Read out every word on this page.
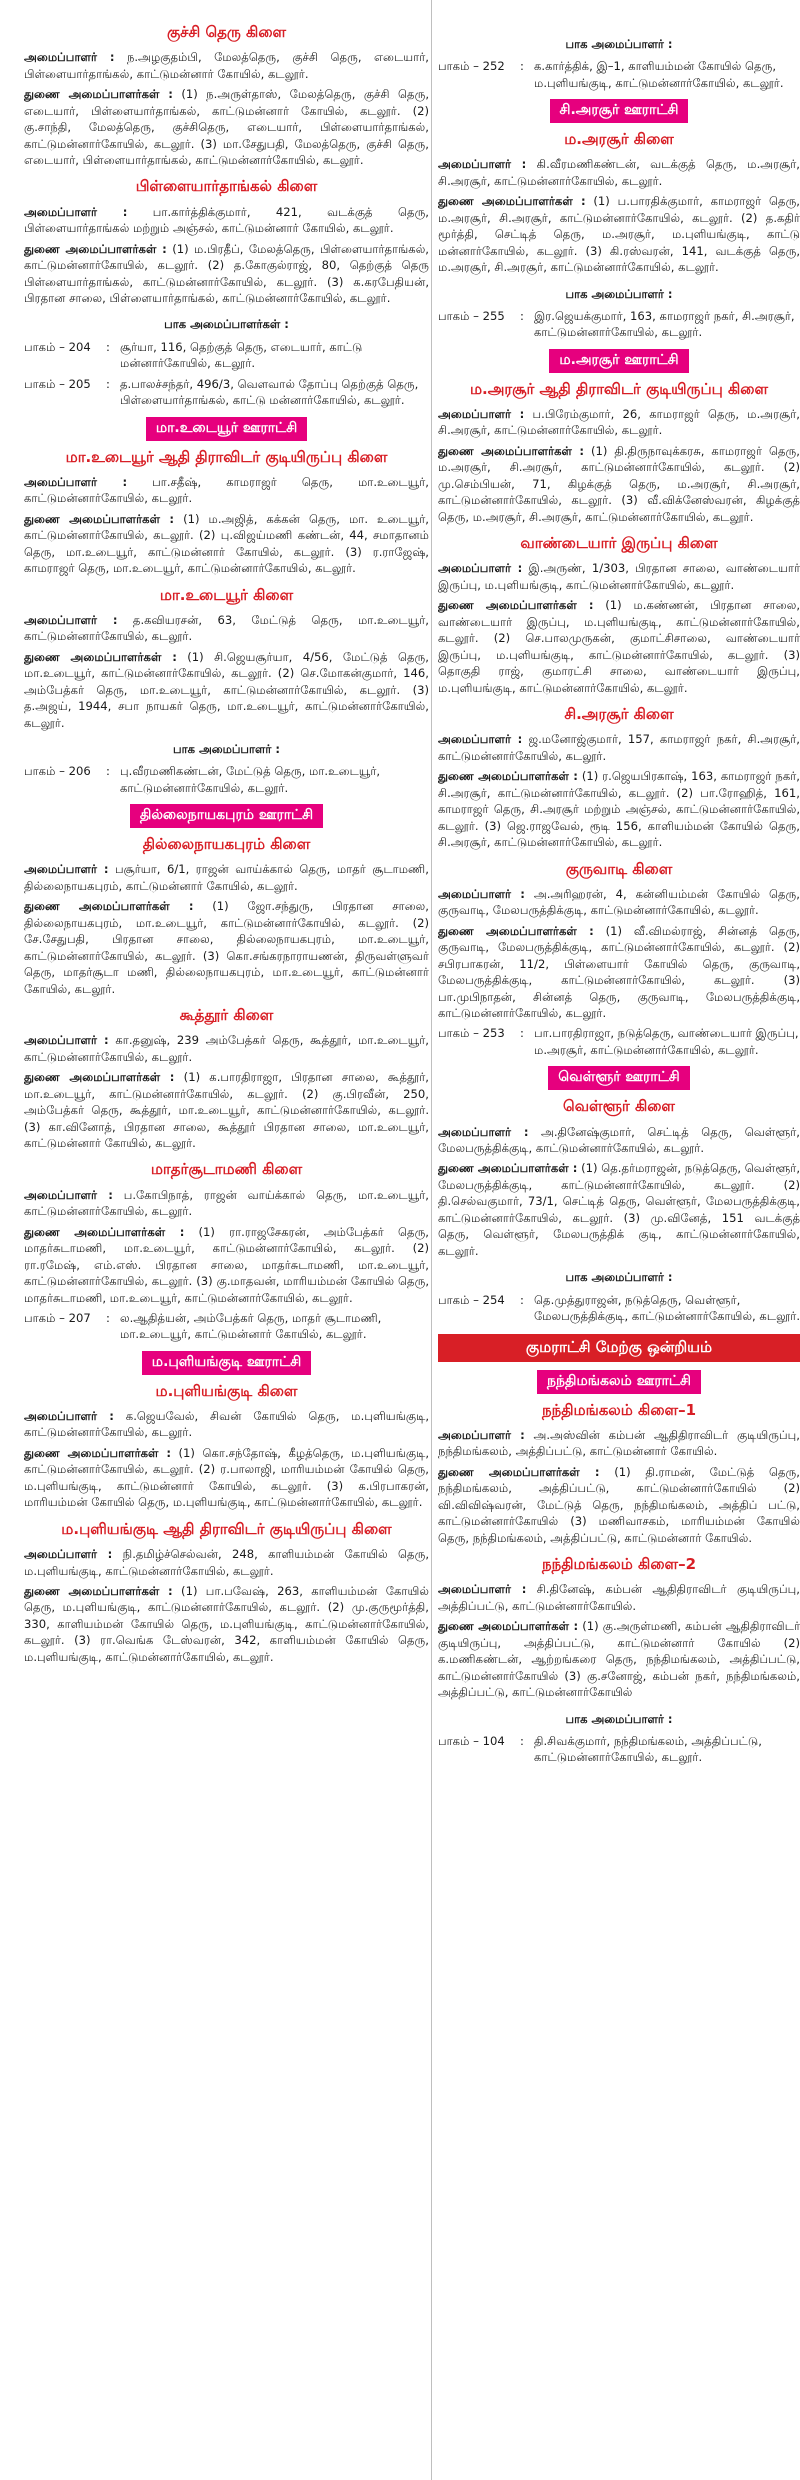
குச்சி தெரு கிளை
அமைப்பாளர் : ந.அழகுதம்பி, மேலத்தெரு, குச்சி தெரு, எடையார், பிள்ளையார்தாங்கல், காட்டுமன்னார் கோயில், கடலூர்.
துணை அமைப்பாளர்கள் : (1) ந.அருள்தாஸ், மேலத்தெரு, குச்சி தெரு, எடையார், பிள்ளையார்தாங்கல், காட்டுமன்னார் கோயில், கடலூர். (2) கு.சாந்தி, மேலத்தெரு, குச்சிதெரு, எடையார், பிள்ளையார்தாங்கல், காட்டுமன்னார்கோயில், கடலூர். (3) மா.சேதுபதி, மேலத்தெரு, குச்சி தெரு, எடையார், பிள்ளையார்தாங்கல், காட்டுமன்னார்கோயில், கடலூர்.
பிள்ளையார்தாங்கல் கிளை
அமைப்பாளர் : பா.கார்த்திக்குமார், 421, வடக்குத் தெரு, பிள்ளையார்தாங்கல் மற்றும் அஞ்சல், காட்டுமன்னார் கோயில், கடலூர்.
துணை அமைப்பாளர்கள் : (1) ம.பிரதீப், மேலத்தெரு, பிள்ளையார்தாங்கல், காட்டுமன்னார்கோயில், கடலூர். (2) த.கோகுல்ராஜ், 80, தெற்குத் தெரு பிள்ளையார்தாங்கல், காட்டுமன்னார்கோயில், கடலூர். (3) க.கரபேதியன், பிரதான சாலை, பிள்ளையார்தாங்கல், காட்டுமன்னார்கோயில், கடலூர்.
பாக அமைப்பாளர்கள் :
பாகம் – 204	: சூர்யா, 116, தெற்குத் தெரு, எடையார், காட்டு மன்னார்கோயில், கடலூர்.
பாகம் – 205	: த.பாலச்சந்தர், 496/3, வெளவால் தோப்பு தெற்குத் தெரு, பிள்ளையார்தாங்கல், காட்டு மன்னார்கோயில், கடலூர்.
மா.உடையூர் ஊராட்சி
மா.உடையூர் ஆதி திராவிடர் குடியிருப்பு கிளை
அமைப்பாளர் : பா.சதீஷ், காமராஜர் தெரு, மா.உடையூர், காட்டுமன்னார்கோயில், கடலூர்.
துணை அமைப்பாளர்கள் : (1) ம.அஜித், கக்கன் தெரு, மா. உடையூர், காட்டுமன்னார்கோயில், கடலூர். (2) பு.விஜய்மணி கண்டன், 44, சமாதானம் தெரு, மா.உடையூர், காட்டுமன்னார் கோயில், கடலூர். (3) ர.ராஜேஷ், காமராஜர் தெரு, மா.உடையூர், காட்டுமன்னார்கோயில், கடலூர்.
மா.உடையூர் கிளை
அமைப்பாளர் : த.கவியரசன், 63, மேட்டுத் தெரு, மா.உடையூர், காட்டுமன்னார்கோயில், கடலூர்.
துணை அமைப்பாளர்கள் : (1) சி.ஜெயசூர்யா, 4/56, மேட்டுத் தெரு, மா.உடையூர், காட்டுமன்னார்கோயில், கடலூர். (2) செ.மோகன்குமார், 146, அம்பேத்கர் தெரு, மா.உடையூர், காட்டுமன்னார்கோயில், கடலூர். (3) த.அஜய், 1944, சபா நாயகர் தெரு, மா.உடையூர், காட்டுமன்னார்கோயில், கடலூர்.
பாக அமைப்பாளர் :
பாகம் – 206	: பு.வீரமணிகண்டன், மேட்டுத் தெரு, மா.உடையூர், காட்டுமன்னார்கோயில், கடலூர்.
தில்லைநாயகபுரம் ஊராட்சி
தில்லைநாயகபுரம் கிளை
அமைப்பாளர் : பசூர்யா, 6/1, ராஜன் வாய்க்கால் தெரு, மாதர் சூடாமணி, தில்லைநாயகபுரம், காட்டுமன்னார் கோயில், கடலூர்.
துணை அமைப்பாளர்கள் : (1) ஜோ.சந்துரு, பிரதான சாலை, தில்லைநாயகபுரம், மா.உடையூர், காட்டுமன்னார்கோயில், கடலூர். (2) சே.சேதுபதி, பிரதான சாலை, தில்லைநாயகபுரம், மா.உடையூர், காட்டுமன்னார்கோயில், கடலூர். (3) கொ.சங்கரநாராயணன், திருவள்ளுவர் தெரு, மாதர்சூடா மணி, தில்லைநாயகபுரம், மா.உடையூர், காட்டுமன்னார் கோயில், கடலூர்.
கூத்தூர் கிளை
அமைப்பாளர் : கா.தனுஷ், 239 அம்பேத்கர் தெரு, கூத்தூர், மா.உடையூர், காட்டுமன்னார்கோயில், கடலூர்.
துணை அமைப்பாளர்கள் : (1) க.பாரதிராஜா, பிரதான சாலை, கூத்தூர், மா.உடையூர், காட்டுமன்னார்கோயில், கடலூர். (2) கு.பிரவீன், 250, அம்பேத்கர் தெரு, கூத்தூர், மா.உடையூர், காட்டுமன்னார்கோயில், கடலூர். (3) கா.வினோத், பிரதான சாலை, கூத்தூர் பிரதான சாலை, மா.உடையூர், காட்டுமன்னார் கோயில், கடலூர்.
மாதர்சூடாமணி கிளை
அமைப்பாளர் : ப.கோபிநாத், ராஜன் வாய்க்கால் தெரு, மா.உடையூர், காட்டுமன்னார்கோயில், கடலூர்.
துணை அமைப்பாளர்கள் : (1) ரா.ராஜசேகரன், அம்பேத்கர் தெரு, மாதர்சுடாமணி, மா.உடையூர், காட்டுமன்னார்கோயில், கடலூர். (2) ரா.ரமேஷ், எம்.எஸ். பிரதான சாலை, மாதர்சுடாமணி, மா.உடையூர், காட்டுமன்னார்கோயில், கடலூர். (3) கு.மாதவன், மாரியம்மன் கோயில் தெரு, மாதர்சுடாமணி, மா.உடையூர், காட்டுமன்னார்கோயில், கடலூர்.
பாகம் – 207	: ல.ஆதித்யன், அம்பேத்கர் தெரு, மாதர் சூடாமணி, மா.உடையூர், காட்டுமன்னார் கோயில், கடலூர்.
ம.புளியங்குடி ஊராட்சி
ம.புளியங்குடி கிளை
அமைப்பாளர் : க.ஜெயவேல், சிவன் கோயில் தெரு, ம.புளியங்குடி, காட்டுமன்னார்கோயில், கடலூர்.
துணை அமைப்பாளர்கள் : (1) கொ.சந்தோஷ், கீழத்தெரு, ம.புளியங்குடி, காட்டுமன்னார்கோயில், கடலூர். (2) ர.பாலாஜி, மாரியம்மன் கோயில் தெரு, ம.புளியங்குடி, காட்டுமன்னார் கோயில், கடலூர். (3) க.பிரபாகரன், மாரியம்மன் கோயில் தெரு, ம.புளியங்குடி, காட்டுமன்னார்கோயில், கடலூர்.
ம.புளியங்குடி ஆதி திராவிடர் குடியிருப்பு கிளை
அமைப்பாளர் : நி.தமிழ்ச்செல்வன், 248, காளியம்மன் கோயில் தெரு, ம.புளியங்குடி, காட்டுமன்னார்கோயில், கடலூர்.
துணை அமைப்பாளர்கள் : (1) பா.பவேஷ், 263, காளியம்மன் கோயில் தெரு, ம.புளியங்குடி, காட்டுமன்னார்கோயில், கடலூர். (2) மு.குருமூர்த்தி, 330, காளியம்மன் கோயில் தெரு, ம.புளியங்குடி, காட்டுமன்னார்கோயில், கடலூர். (3) ரா.வெங்க டேஸ்வரன், 342, காளியம்மன் கோயில் தெரு, ம.புளியங்குடி, காட்டுமன்னார்கோயில், கடலூர்.
பாக அமைப்பாளர் :
பாகம் – 252	: க.கார்த்திக், இ–1, காளியம்மன் கோயில் தெரு, ம.புளியங்குடி, காட்டுமன்னார்கோயில், கடலூர்.
சி.அரசூர் ஊராட்சி
ம.அரசூர் கிளை
அமைப்பாளர் : கி.வீரமணிகண்டன், வடக்குத் தெரு, ம.அரசூர், சி.அரசூர், காட்டுமன்னார்கோயில், கடலூர்.
துணை அமைப்பாளர்கள் : (1) ப.பாரதிக்குமார், காமராஜர் தெரு, ம.அரசூர், சி.அரசூர், காட்டுமன்னார்கோயில், கடலூர். (2) த.கதிர் மூர்த்தி, செட்டித் தெரு, ம.அரசூர், ம.புளியங்குடி, காட்டு மன்னார்கோயில், கடலூர். (3) கி.ரஸ்வரன், 141, வடக்குத் தெரு, ம.அரசூர், சி.அரசூர், காட்டுமன்னார்கோயில், கடலூர்.
பாக அமைப்பாளர் :
பாகம் – 255	: இர.ஜெயக்குமார், 163, காமராஜர் நகர், சி.அரசூர், காட்டுமன்னார்கோயில், கடலூர்.
ம.அரசூர் ஊராட்சி
ம.அரசூர் ஆதி திராவிடர் குடியிருப்பு கிளை
அமைப்பாளர் : ப.பிரேம்குமார், 26, காமராஜர் தெரு, ம.அரசூர், சி.அரசூர், காட்டுமன்னார்கோயில், கடலூர்.
துணை அமைப்பாளர்கள் : (1) தி.திருநாவுக்கரசு, காமராஜர் தெரு, ம.அரசூர், சி.அரசூர், காட்டுமன்னார்கோயில், கடலூர். (2) மு.செம்பியன், 71, கிழக்குத் தெரு, ம.அரசூர், சி.அரசூர், காட்டுமன்னார்கோயில், கடலூர். (3) வீ.விக்னேஸ்வரன், கிழக்குத் தெரு, ம.அரசூர், சி.அரசூர், காட்டுமன்னார்கோயில், கடலூர்.
வாண்டையார் இருப்பு கிளை
அமைப்பாளர் : இ.அருண், 1/303, பிரதான சாலை, வாண்டையார் இருப்பு, ம.புளியங்குடி, காட்டுமன்னார்கோயில், கடலூர்.
துணை அமைப்பாளர்கள் : (1) ம.கண்ணன், பிரதான சாலை, வாண்டையார் இருப்பு, ம.புளியங்குடி, காட்டுமன்னார்கோயில், கடலூர். (2) செ.பாலமுருகன், குமாட்சிசாலை, வாண்டையார் இருப்பு, ம.புளியங்குடி, காட்டுமன்னார்கோயில், கடலூர். (3) தொகுதி ராஜ், குமாரட்சி சாலை, வாண்டையார் இருப்பு, ம.புளியங்குடி, காட்டுமன்னார்கோயில், கடலூர்.
சி.அரசூர் கிளை
அமைப்பாளர் : ஜ.மனோஜ்குமார், 157, காமராஜர் நகர், சி.அரசூர், காட்டுமன்னார்கோயில், கடலூர்.
துணை அமைப்பாளர்கள் : (1) ர.ஜெயபிரகாஷ், 163, காமராஜர் நகர், சி.அரசூர், காட்டுமன்னார்கோயில், கடலூர். (2) பா.ரோஹித், 161, காமராஜர் தெரு, சி.அரசூர் மற்றும் அஞ்சல், காட்டுமன்னார்கோயில், கடலூர். (3) ஜெ.ராஜவேல், ரூடி 156, காளியம்மன் கோயில் தெரு, சி.அரசூர், காட்டுமன்னார்கோயில், கடலூர்.
குருவாடி கிளை
அமைப்பாளர் : அ.அரிஹரன், 4, கன்னியம்மன் கோயில் தெரு, குருவாடி, மேலபருத்திக்குடி, காட்டுமன்னார்கோயில், கடலூர்.
துணை அமைப்பாளர்கள் : (1) வீ.விமல்ராஜ், சின்னத் தெரு, குருவாடி, மேலபருத்திக்குடி, காட்டுமன்னார்கோயில், கடலூர். (2) சபிரபாகரன், 11/2, பிள்ளையார் கோயில் தெரு, குருவாடி, மேலபருத்திக்குடி, காட்டுமன்னார்கோயில், கடலூர். (3) பா.முபிநாதன், சின்னத் தெரு, குருவாடி, மேலபருத்திக்குடி, காட்டுமன்னார்கோயில், கடலூர்.
பாகம் – 253	: பா.பாரதிராஜா, நடுத்தெரு, வாண்டையார் இருப்பு, ம.அரசூர், காட்டுமன்னார்கோயில், கடலூர்.
வெள்ளூர் ஊராட்சி
வெள்ளூர் கிளை
அமைப்பாளர் : அ.தினேஷ்குமார், செட்டித் தெரு, வெள்ளூர், மேலபருத்திக்குடி, காட்டுமன்னார்கோயில், கடலூர்.
துணை அமைப்பாளர்கள் : (1) தெ.தர்மராஜன், நடுத்தெரு, வெள்ளூர், மேலபருத்திக்குடி, காட்டுமன்னார்கோயில், கடலூர். (2) தி.செல்வகுமார், 73/1, செட்டித் தெரு, வெள்ளூர், மேலபருத்திக்குடி, காட்டுமன்னார்கோயில், கடலூர். (3) மு.வினேத், 151 வடக்குத் தெரு, வெள்ளூர், மேலபருத்திக் குடி, காட்டுமன்னார்கோயில், கடலூர்.
பாக அமைப்பாளர் :
பாகம் – 254	: தெ.முத்துராஜன், நடுத்தெரு, வெள்ளூர், மேலபருத்திக்குடி, காட்டுமன்னார்கோயில், கடலூர்.
குமராட்சி மேற்கு ஒன்றியம்
நந்திமங்கலம் ஊராட்சி
நந்திமங்கலம் கிளை–1
அமைப்பாளர் : அ.அஸ்வின் கம்பன் ஆதிதிராவிடர் குடியிருப்பு, நந்திமங்கலம், அத்திப்பட்டு, காட்டுமன்னார் கோயில்.
துணை அமைப்பாளர்கள் : (1) தி.ராமன், மேட்டுத் தெரு, நந்திமங்கலம், அத்திப்பட்டு, காட்டுமன்னார்கோயில் (2) வி.விவிஷ்வரன், மேட்டுத் தெரு, நந்திமங்கலம், அத்திப் பட்டு, காட்டுமன்னார்கோயில் (3) மணிவாசகம், மாரியம்மன் கோயில் தெரு, நந்திமங்கலம், அத்திப்பட்டு, காட்டுமன்னார் கோயில்.
நந்திமங்கலம் கிளை–2
அமைப்பாளர் : சி.தினேஷ், கம்பன் ஆதிதிராவிடர் குடியிருப்பு, அத்திப்பட்டு, காட்டுமன்னார்கோயில்.
துணை அமைப்பாளர்கள் : (1) கு.அருள்மணி, கம்பன் ஆதிதிராவிடர் குடியிருப்பு, அத்திப்பட்டு, காட்டுமன்னார் கோயில் (2) க.மணிகண்டன், ஆற்றங்கரை தெரு, நந்திமங்கலம், அத்திப்பட்டு, காட்டுமன்னார்கோயில் (3) கு.சனோஜ், கம்பன் நகர், நந்திமங்கலம், அத்திப்பட்டு, காட்டுமன்னார்கோயில்
பாக அமைப்பாளர் :
பாகம் – 104	: தி.சிவக்குமார், நந்திமங்கலம், அத்திப்பட்டு, காட்டுமன்னார்கோயில், கடலூர்.
